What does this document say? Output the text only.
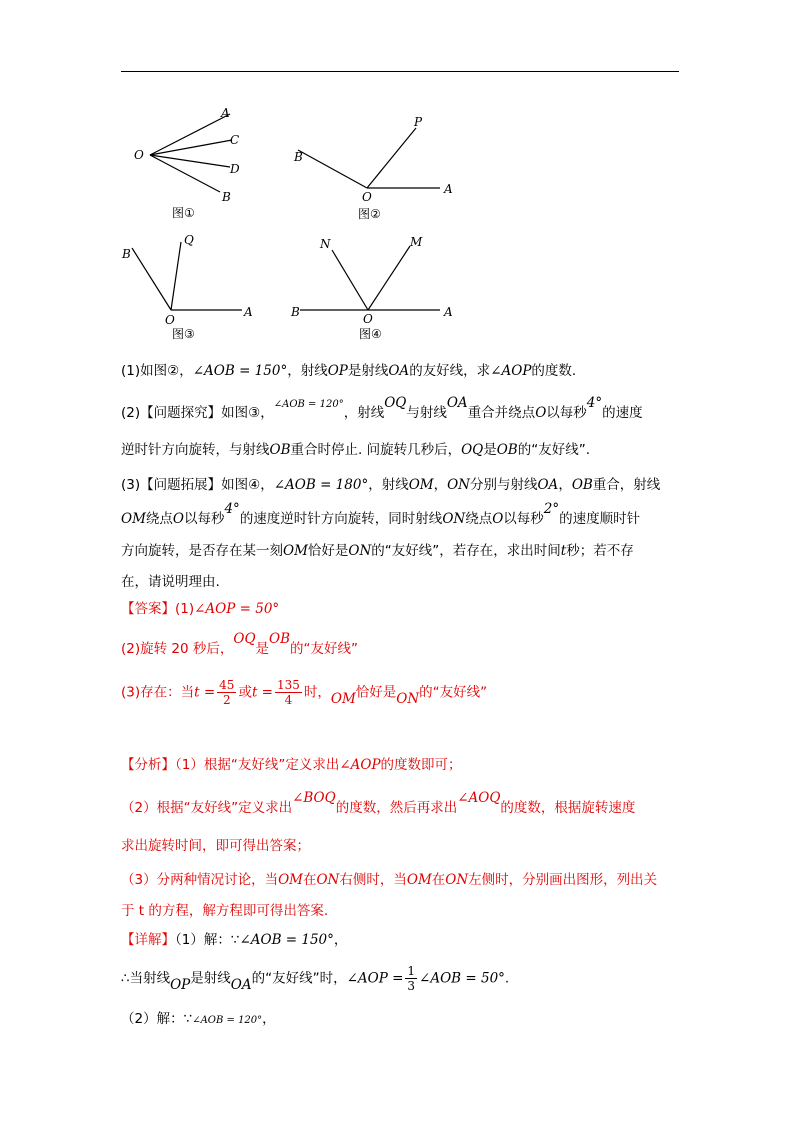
O
A
C
D
B
图①
B
P
O
A
图②
B
Q
O
A
图③
N	M
B	O	A
图④
(1)如图②，∠AOB = 150°，射线OP是射线OA的友好线，求∠AOP的度数.
(2)【问题探究】如图③，$^{\angle AOB = 120^\circ}$，射线OQ与射线OA重合并绕点O以每秒4°的速度
逆时针方向旋转，与射线OB重合时停止. 问旋转几秒后，OQ是OB的“友好线”.
(3)【问题拓展】如图④，∠AOB = 180°，射线OM，ON分别与射线OA，OB重合，射线
OM绕点O以每秒4°的速度逆时针方向旋转，同时射线ON绕点O以每秒2°的速度顺时针
方向旋转，是否存在某一刻OM恰好是ON的“友好线”，若存在，求出时间t秒；若不存
在，请说明理由.
【答案】(1)∠AOP = 50°
(2)旋转 20 秒后，OQ是OB的“友好线”
(3)存在：当$t = \frac{45}{2}$ 或$t = \frac{135}{4}$ 时，OM恰好是ON的“友好线”
【分析】（1）根据“友好线”定义求出∠AOP的度数即可；
（2）根据“友好线”定义求出∠BOQ的度数，然后再求出∠AOQ的度数，根据旋转速度
求出旋转时间，即可得出答案；
（3）分两种情况讨论，当OM在ON右侧时，当OM在ON左侧时，分别画出图形，列出关
于 t 的方程，解方程即可得出答案.
【详解】（1）解：∵∠AOB = 150°，
∴当射线OP是射线OA的“友好线”时，∠AOP = $\frac{1}{3}$ ∠AOB = 50°.
（2）解：∵∠AOB = 120°，
